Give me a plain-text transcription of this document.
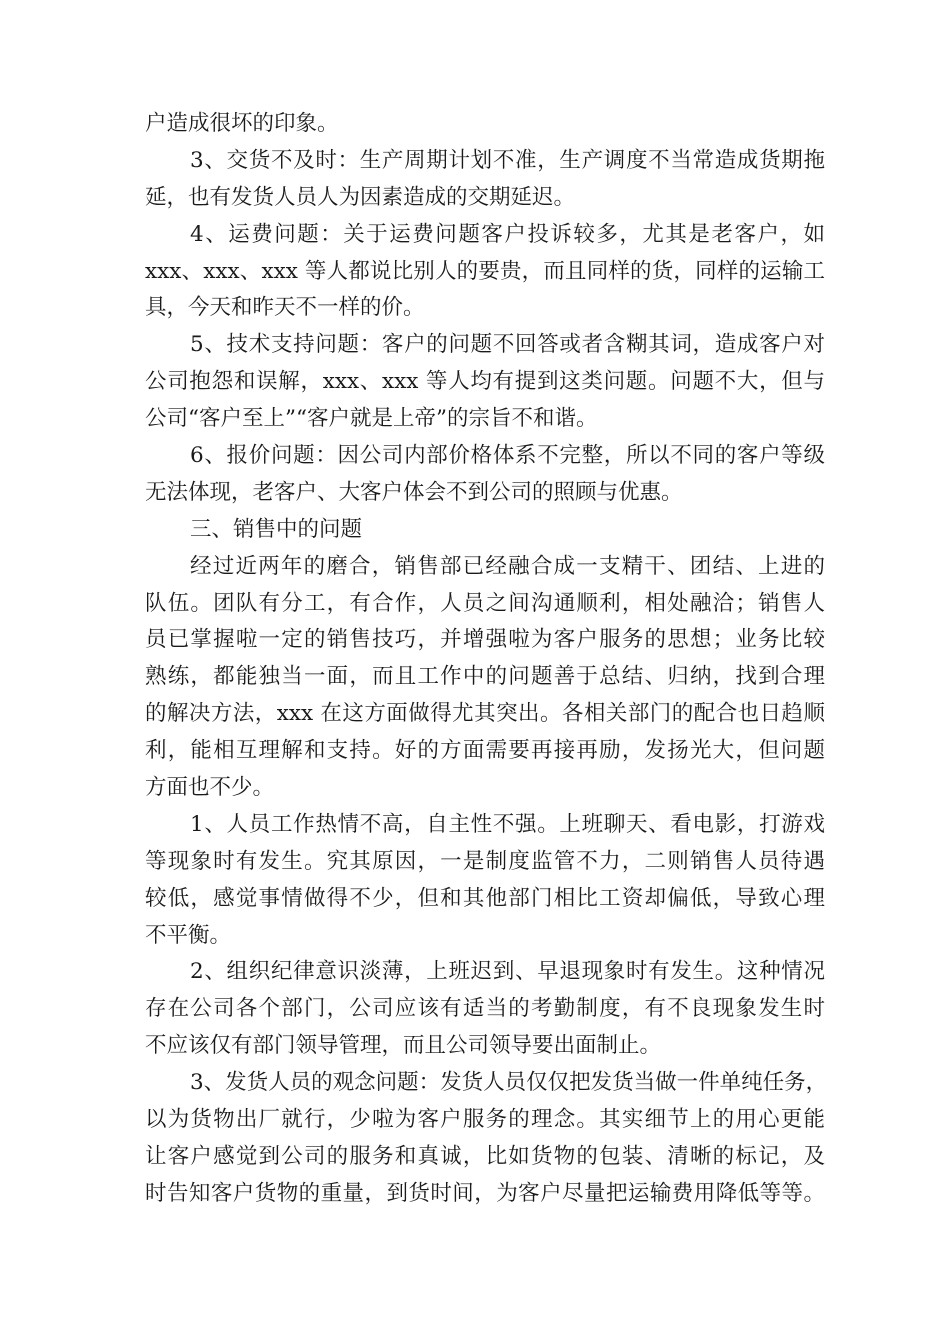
户造成很坏的印象。
3、交货不及时：生产周期计划不准，生产调度不当常造成货期拖
延，也有发货人员人为因素造成的交期延迟。
4、运费问题：关于运费问题客户投诉较多，尤其是老客户，如
xxx、xxx、xxx 等人都说比别人的要贵，而且同样的货，同样的运输工
具，今天和昨天不一样的价。
5、技术支持问题：客户的问题不回答或者含糊其词，造成客户对
公司抱怨和误解，xxx、xxx 等人均有提到这类问题。问题不大，但与
公司“客户至上”“客户就是上帝”的宗旨不和谐。
6、报价问题：因公司内部价格体系不完整，所以不同的客户等级
无法体现，老客户、大客户体会不到公司的照顾与优惠。
三、销售中的问题
经过近两年的磨合，销售部已经融合成一支精干、团结、上进的
队伍。团队有分工，有合作，人员之间沟通顺利，相处融洽；销售人
员已掌握啦一定的销售技巧，并增强啦为客户服务的思想；业务比较
熟练，都能独当一面，而且工作中的问题善于总结、归纳，找到合理
的解决方法，xxx 在这方面做得尤其突出。各相关部门的配合也日趋顺
利，能相互理解和支持。好的方面需要再接再励，发扬光大，但问题
方面也不少。
1、人员工作热情不高，自主性不强。上班聊天、看电影，打游戏
等现象时有发生。究其原因，一是制度监管不力，二则销售人员待遇
较低，感觉事情做得不少，但和其他部门相比工资却偏低，导致心理
不平衡。
2、组织纪律意识淡薄，上班迟到、早退现象时有发生。这种情况
存在公司各个部门，公司应该有适当的考勤制度，有不良现象发生时
不应该仅有部门领导管理，而且公司领导要出面制止。
3、发货人员的观念问题：发货人员仅仅把发货当做一件单纯任务，
以为货物出厂就行，少啦为客户服务的理念。其实细节上的用心更能
让客户感觉到公司的服务和真诚，比如货物的包装、清晰的标记，及
时告知客户货物的重量，到货时间，为客户尽量把运输费用降低等等。
